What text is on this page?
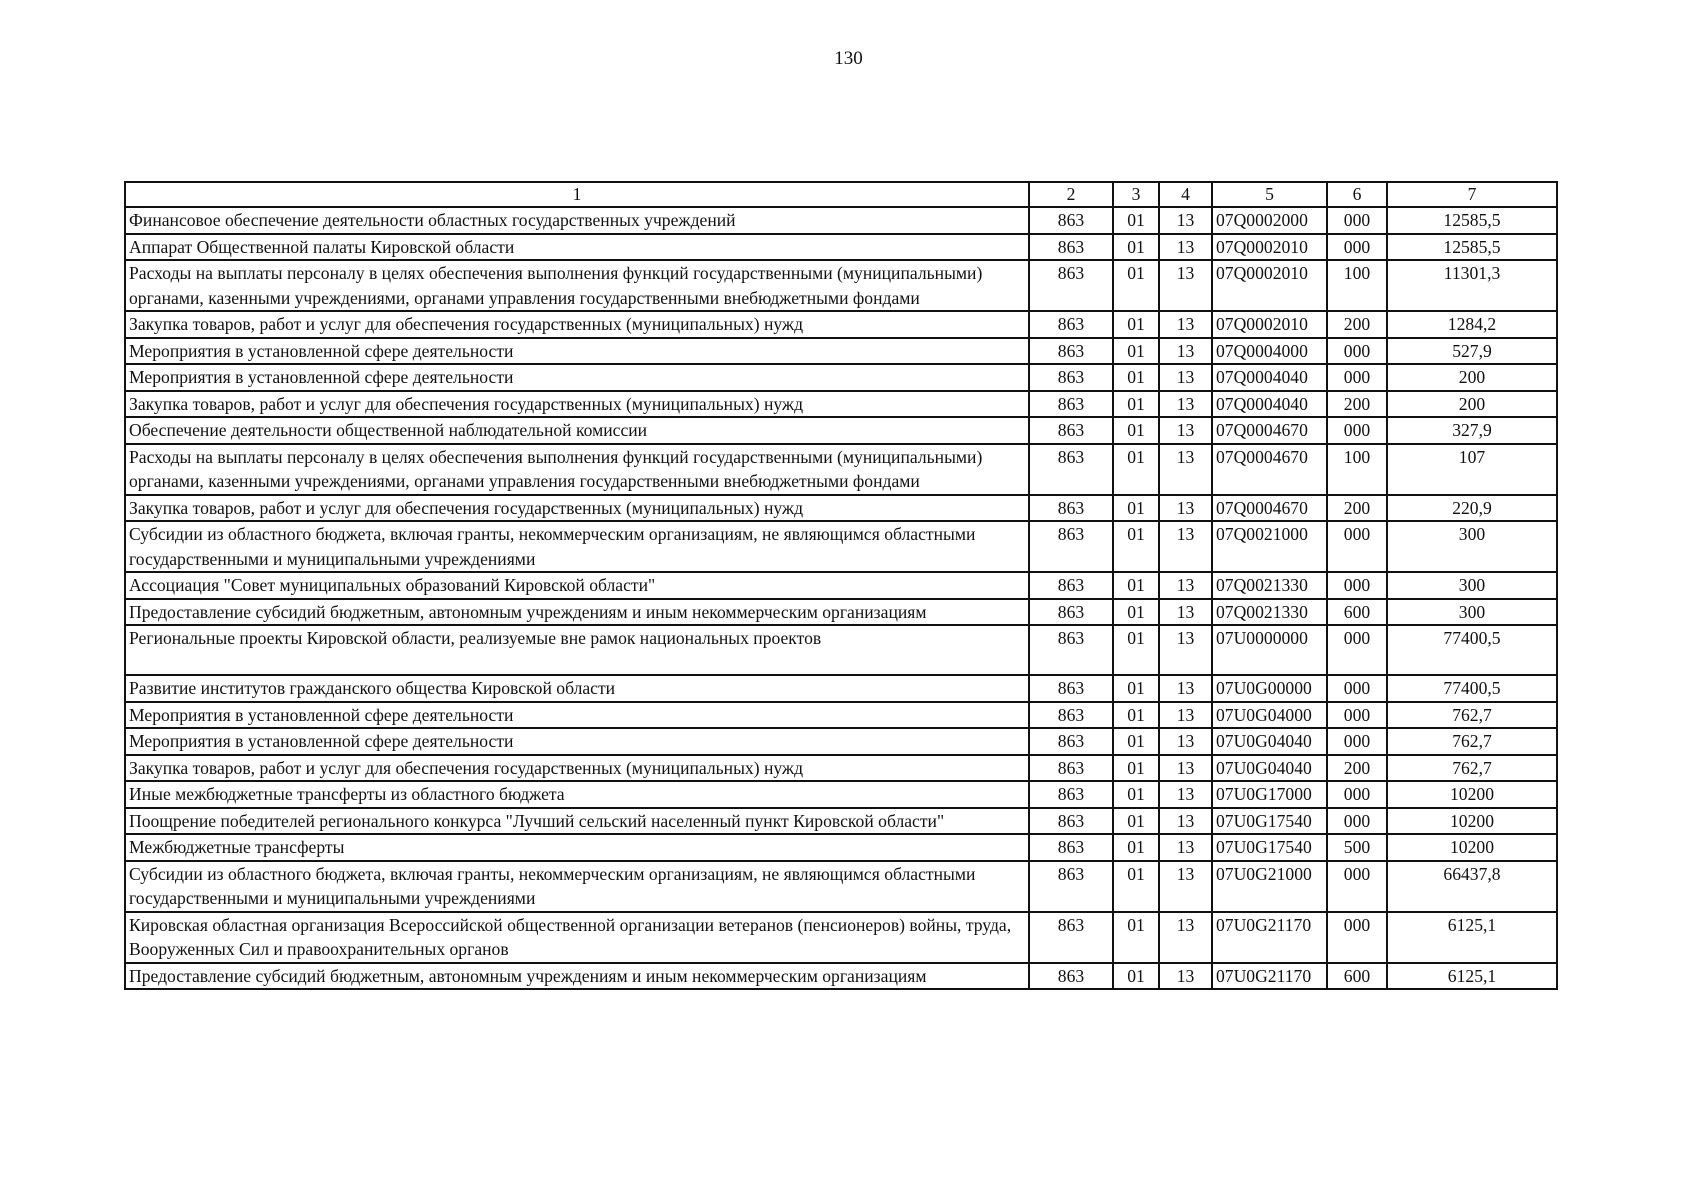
130
1	2	3	4	5	6	7
Финансовое обеспечение деятельности областных государственных учреждений	863	01	13	07Q0002000	000	12585,5
Аппарат Общественной палаты Кировской области	863	01	13	07Q0002010	000	12585,5
Расходы на выплаты персоналу в целях обеспечения выполнения функций государственными (муниципальными) органами, казенными учреждениями, органами управления государственными внебюджетными фондами	863	01	13	07Q0002010	100	11301,3
Закупка товаров, работ и услуг для обеспечения государственных (муниципальных) нужд	863	01	13	07Q0002010	200	1284,2
Мероприятия в установленной сфере деятельности	863	01	13	07Q0004000	000	527,9
Мероприятия в установленной сфере деятельности	863	01	13	07Q0004040	000	200
Закупка товаров, работ и услуг для обеспечения государственных (муниципальных) нужд	863	01	13	07Q0004040	200	200
Обеспечение деятельности общественной наблюдательной комиссии	863	01	13	07Q0004670	000	327,9
Расходы на выплаты персоналу в целях обеспечения выполнения функций государственными (муниципальными) органами, казенными учреждениями, органами управления государственными внебюджетными фондами	863	01	13	07Q0004670	100	107
Закупка товаров, работ и услуг для обеспечения государственных (муниципальных) нужд	863	01	13	07Q0004670	200	220,9
Субсидии из областного бюджета, включая гранты, некоммерческим организациям, не являющимся областными государственными и муниципальными учреждениями	863	01	13	07Q0021000	000	300
Ассоциация "Совет муниципальных образований Кировской области"	863	01	13	07Q0021330	000	300
Предоставление субсидий бюджетным, автономным учреждениям и иным некоммерческим организациям	863	01	13	07Q0021330	600	300
Региональные проекты Кировской области, реализуемые вне рамок национальных проектов	863	01	13	07U0000000	000	77400,5
Развитие институтов гражданского общества Кировской области	863	01	13	07U0G00000	000	77400,5
Мероприятия в установленной сфере деятельности	863	01	13	07U0G04000	000	762,7
Мероприятия в установленной сфере деятельности	863	01	13	07U0G04040	000	762,7
Закупка товаров, работ и услуг для обеспечения государственных (муниципальных) нужд	863	01	13	07U0G04040	200	762,7
Иные межбюджетные трансферты из областного бюджета	863	01	13	07U0G17000	000	10200
Поощрение победителей регионального конкурса "Лучший сельский населенный пункт Кировской области"	863	01	13	07U0G17540	000	10200
Межбюджетные трансферты	863	01	13	07U0G17540	500	10200
Субсидии из областного бюджета, включая гранты, некоммерческим организациям, не являющимся областными государственными и муниципальными учреждениями	863	01	13	07U0G21000	000	66437,8
Кировская областная организация Всероссийской общественной организации ветеранов (пенсионеров) войны, труда, Вооруженных Сил и правоохранительных органов	863	01	13	07U0G21170	000	6125,1
Предоставление субсидий бюджетным, автономным учреждениям и иным некоммерческим организациям	863	01	13	07U0G21170	600	6125,1
